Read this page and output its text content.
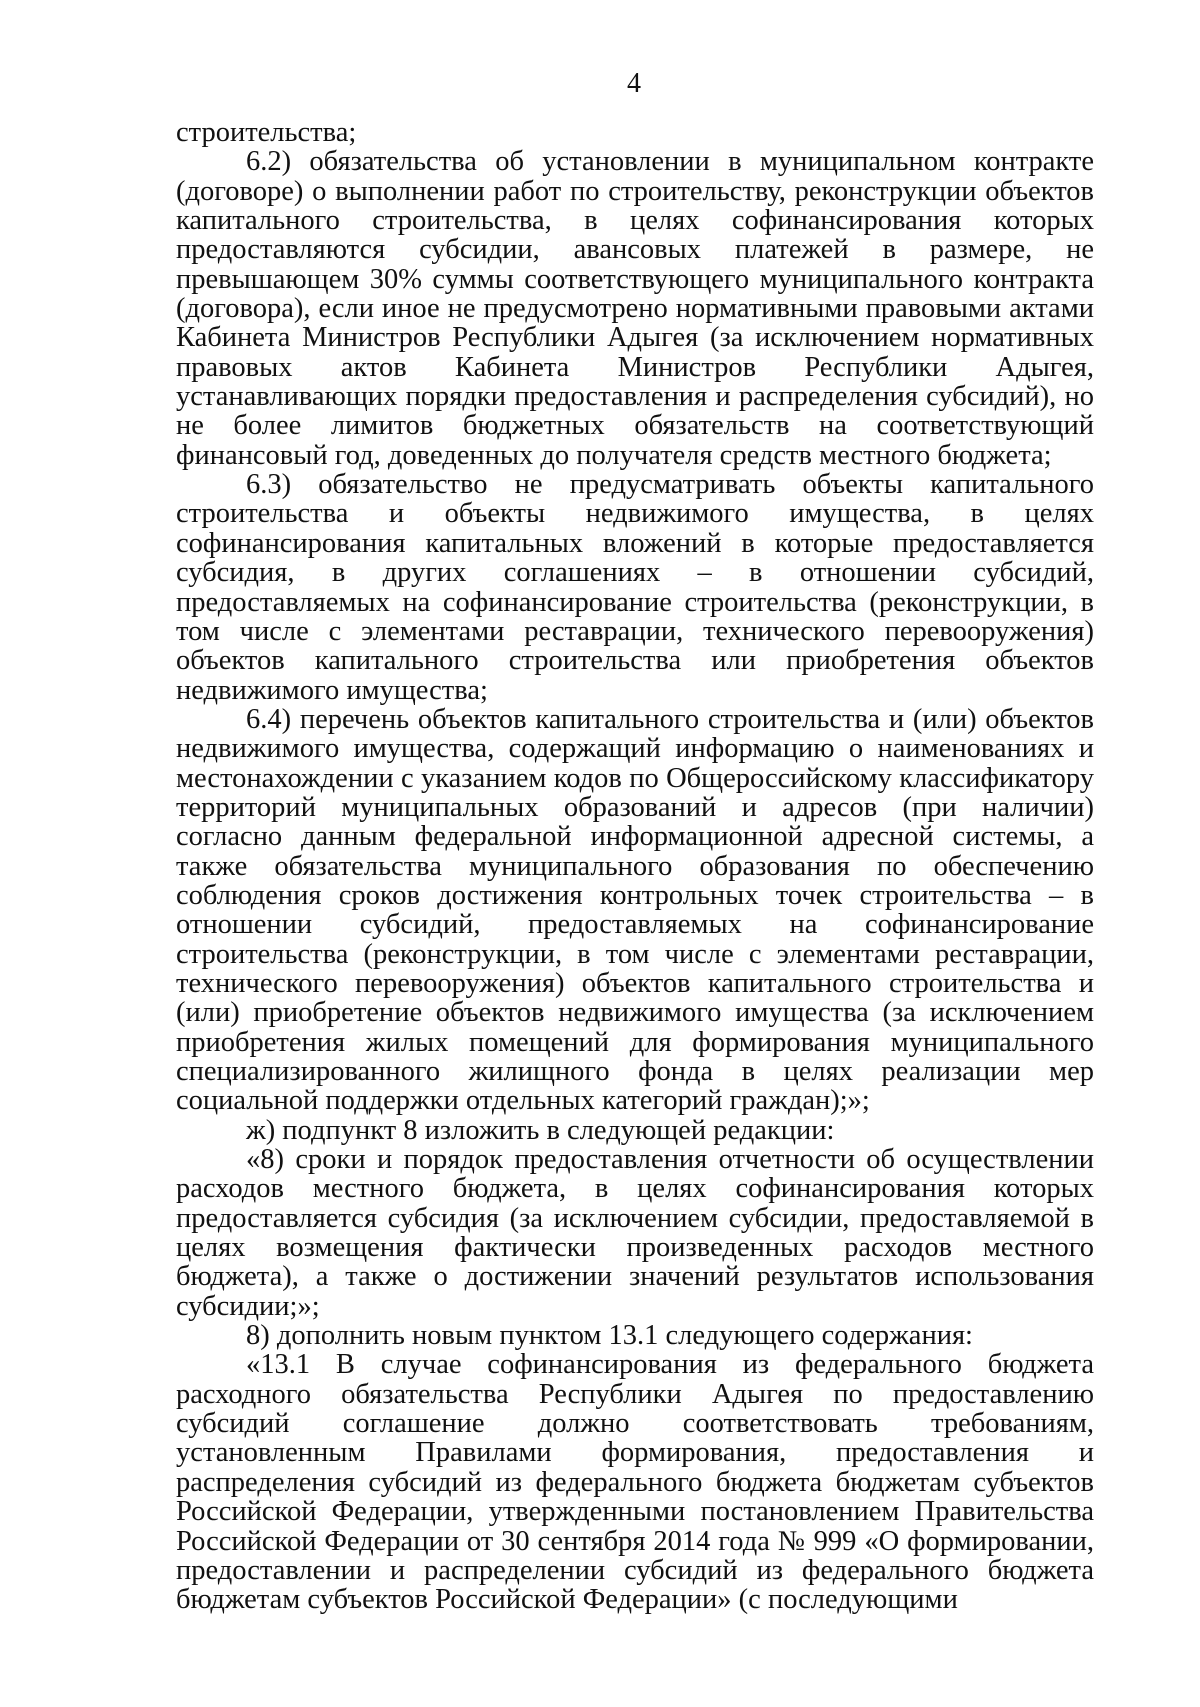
4

строительства;

6.2) обязательства об установлении в муниципальном контракте (договоре) о выполнении работ по строительству, реконструкции объектов капитального строительства, в целях софинансирования которых предоставляются субсидии, авансовых платежей в размере, не превышающем 30% суммы соответствующего муниципального контракта (договора), если иное не предусмотрено нормативными правовыми актами Кабинета Министров Республики Адыгея (за исключением нормативных правовых актов Кабинета Министров Республики Адыгея, устанавливающих порядки предоставления и распределения субсидий), но не более лимитов бюджетных обязательств на соответствующий финансовый год, доведенных до получателя средств местного бюджета;

6.3) обязательство не предусматривать объекты капитального строительства и объекты недвижимого имущества, в целях софинансирования капитальных вложений в которые предоставляется субсидия, в других соглашениях – в отношении субсидий, предоставляемых на софинансирование строительства (реконструкции, в том числе с элементами реставрации, технического перевооружения) объектов капитального строительства или приобретения объектов недвижимого имущества;

6.4) перечень объектов капитального строительства и (или) объектов недвижимого имущества, содержащий информацию о наименованиях и местонахождении с указанием кодов по Общероссийскому классификатору территорий муниципальных образований и адресов (при наличии) согласно данным федеральной информационной адресной системы, а также обязательства муниципального образования по обеспечению соблюдения сроков достижения контрольных точек строительства – в отношении субсидий, предоставляемых на софинансирование строительства (реконструкции, в том числе с элементами реставрации, технического перевооружения) объектов капитального строительства и (или) приобретение объектов недвижимого имущества (за исключением приобретения жилых помещений для формирования муниципального специализированного жилищного фонда в целях реализации мер социальной поддержки отдельных категорий граждан);»;

ж) подпункт 8 изложить в следующей редакции:

«8) сроки и порядок предоставления отчетности об осуществлении расходов местного бюджета, в целях софинансирования которых предоставляется субсидия (за исключением субсидии, предоставляемой в целях возмещения фактически произведенных расходов местного бюджета), а также о достижении значений результатов использования субсидии;»;

8) дополнить новым пунктом 13.1 следующего содержания:

«13.1 В случае софинансирования из федерального бюджета расходного обязательства Республики Адыгея по предоставлению субсидий соглашение должно соответствовать требованиям, установленным Правилами формирования, предоставления и распределения субсидий из федерального бюджета бюджетам субъектов Российской Федерации, утвержденными постановлением Правительства Российской Федерации от 30 сентября 2014 года № 999 «О формировании, предоставлении и распределении субсидий из федерального бюджета бюджетам субъектов Российской Федерации» (с последующими
